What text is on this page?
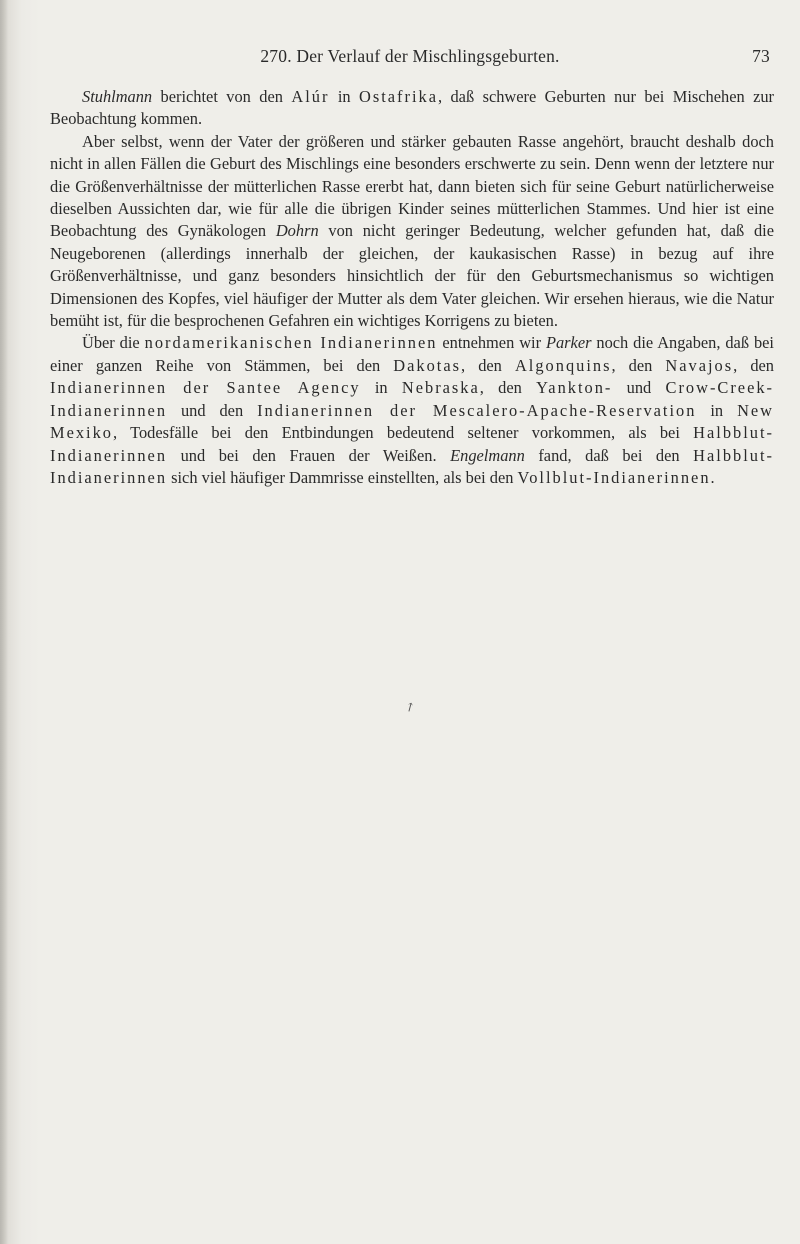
270. Der Verlauf der Mischlingsgeburten.	73

Stuhlmann berichtet von den Alúr in Ostafrika, daß schwere Geburten nur bei Mischehen zur Beobachtung kommen.

Aber selbst, wenn der Vater der größeren und stärker gebauten Rasse angehört, braucht deshalb doch nicht in allen Fällen die Geburt des Mischlings eine besonders erschwerte zu sein. Denn wenn der letztere nur die Größenverhältnisse der mütterlichen Rasse ererbt hat, dann bieten sich für seine Geburt natürlicherweise dieselben Aussichten dar, wie für alle die übrigen Kinder seines mütterlichen Stammes. Und hier ist eine Beobachtung des Gynäkologen Dohrn von nicht geringer Bedeutung, welcher gefunden hat, daß die Neugeborenen (allerdings innerhalb der gleichen, der kaukasischen Rasse) in bezug auf ihre Größenverhältnisse, und ganz besonders hinsichtlich der für den Geburtsmechanismus so wichtigen Dimensionen des Kopfes, viel häufiger der Mutter als dem Vater gleichen. Wir ersehen hieraus, wie die Natur bemüht ist, für die besprochenen Gefahren ein wichtiges Korrigens zu bieten.

Über die nordamerikanischen Indianerinnen entnehmen wir Parker noch die Angaben, daß bei einer ganzen Reihe von Stämmen, bei den Dakotas, den Algonquins, den Navajos, den Indianerinnen der Santee Agency in Nebraska, den Yankton- und Crow-Creek-Indianerinnen und den Indianerinnen der Mescalero-Apache-Reservation in New Mexiko, Todesfälle bei den Entbindungen bedeutend seltener vorkommen, als bei Halbblut-Indianerinnen und bei den Frauen der Weißen. Engelmann fand, daß bei den Halbblut-Indianerinnen sich viel häufiger Dammrisse einstellten, als bei den Vollblut-Indianerinnen.

↗
